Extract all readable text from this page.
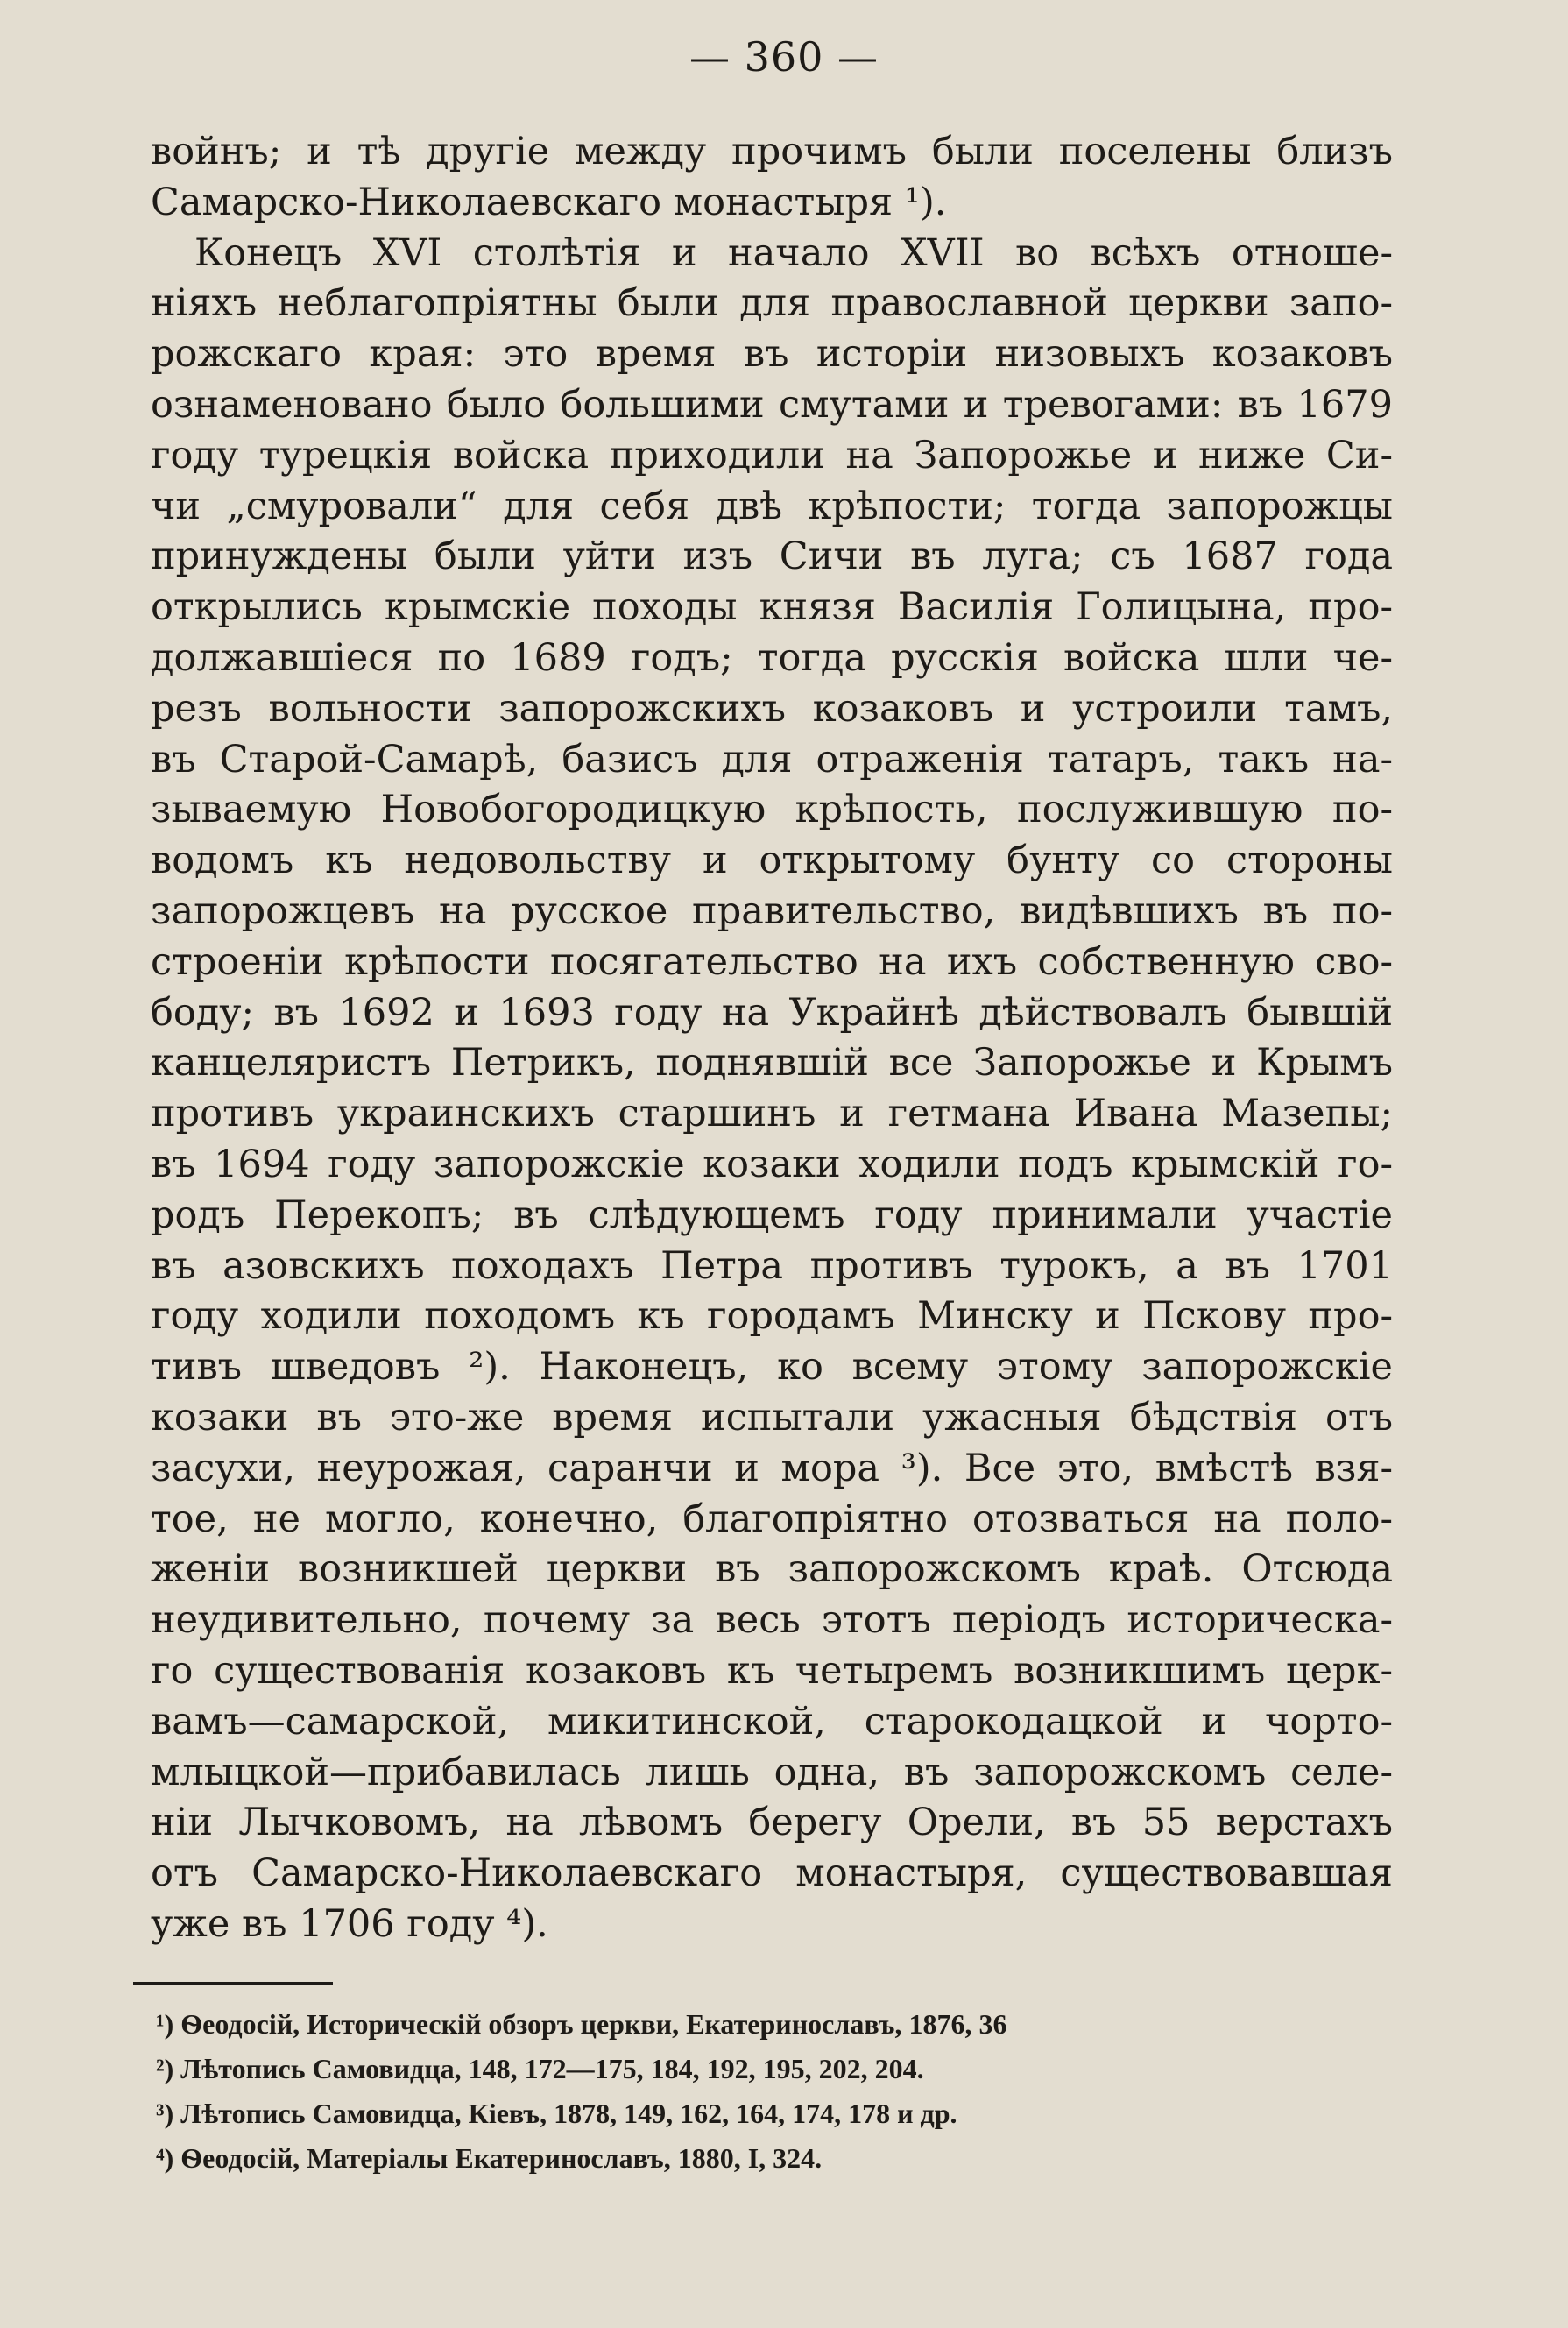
— 360 —
войнъ; и тѣ другіе между прочимъ были поселены близъ
Самарско-Николаевскаго монастыря ¹).
Конецъ XVI столѣтія и начало XVII во всѣхъ отноше-
ніяхъ неблагопріятны были для православной церкви запо-
рожскаго края: это время въ исторіи низовыхъ козаковъ
ознаменовано было большими смутами и тревогами: въ 1679
году турецкія войска приходили на Запорожье и ниже Си-
чи „смуровали“ для себя двѣ крѣпости; тогда запорожцы
принуждены были уйти изъ Сичи въ луга; съ 1687 года
открылись крымскіе походы князя Василія Голицына, про-
должавшіеся по 1689 годъ; тогда русскія войска шли че-
резъ вольности запорожскихъ козаковъ и устроили тамъ,
въ Старой-Самарѣ, базисъ для отраженія татаръ, такъ на-
зываемую Новобогородицкую крѣпость, послужившую по-
водомъ къ недовольству и открытому бунту со стороны
запорожцевъ на русское правительство, видѣвшихъ въ по-
строеніи крѣпости посягательство на ихъ собственную сво-
боду; въ 1692 и 1693 году на Украйнѣ дѣйствовалъ бывшій
канцеляристъ Петрикъ, поднявшій все Запорожье и Крымъ
противъ украинскихъ старшинъ и гетмана Ивана Мазепы;
въ 1694 году запорожскіе козаки ходили подъ крымскій го-
родъ Перекопъ; въ слѣдующемъ году принимали участіе
въ азовскихъ походахъ Петра противъ турокъ, а въ 1701
году ходили походомъ къ городамъ Минску и Пскову про-
тивъ шведовъ ²). Наконецъ, ко всему этому запорожскіе
козаки въ это-же время испытали ужасныя бѣдствія отъ
засухи, неурожая, саранчи и мора ³). Все это, вмѣстѣ взя-
тое, не могло, конечно, благопріятно отозваться на поло-
женіи возникшей церкви въ запорожскомъ краѣ. Отсюда
неудивительно, почему за весь этотъ періодъ историческа-
го существованія козаковъ къ четыремъ возникшимъ церк-
вамъ—самарской, микитинской, старокодацкой и чорто-
млыцкой—прибавилась лишь одна, въ запорожскомъ селе-
ніи Лычковомъ, на лѣвомъ берегу Орели, въ 55 верстахъ
отъ Самарско-Николаевскаго монастыря, существовавшая
уже въ 1706 году ⁴).
¹) Ѳеодосій, Историческій обзоръ церкви, Екатеринославъ, 1876, 36
²) Лѣтопись Самовидца, 148, 172—175, 184, 192, 195, 202, 204.
³) Лѣтопись Самовидца, Кіевъ, 1878, 149, 162, 164, 174, 178 и др.
⁴) Ѳеодосій, Матеріалы Екатеринославъ, 1880, I, 324.
